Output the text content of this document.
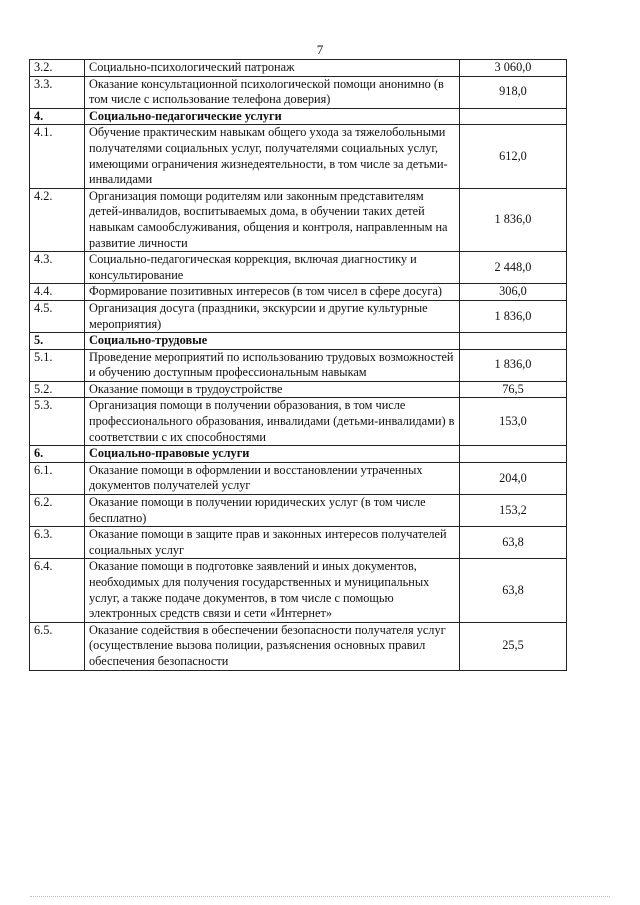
7
3.2.	Социально-психологический патронаж	3 060,0
3.3.	Оказание консультационной психологической помощи анонимно (в том числе с использование телефона доверия)	918,0
4.	Социально-педагогические услуги	
4.1.	Обучение практическим навыкам общего ухода за тяжелобольными получателями социальных услуг, получателями социальных услуг, имеющими ограничения жизнедеятельности, в том числе за детьми-инвалидами	612,0
4.2.	Организация помощи родителям или законным представителям детей-инвалидов, воспитываемых дома, в обучении таких детей навыкам самообслуживания, общения и контроля, направленным на развитие личности	1 836,0
4.3.	Социально-педагогическая коррекция, включая диагностику и консультирование	2 448,0
4.4.	Формирование позитивных интересов (в том чисел в сфере досуга)	306,0
4.5.	Организация досуга (праздники, экскурсии и другие культурные мероприятия)	1 836,0
5.	Социально-трудовые	
5.1.	Проведение мероприятий по использованию трудовых возможностей и обучению доступным профессиональным навыкам	1 836,0
5.2.	Оказание помощи в трудоустройстве	76,5
5.3.	Организация помощи в получении образования, в том числе профессионального образования, инвалидами (детьми-инвалидами) в соответствии с их способностями	153,0
6.	Социально-правовые услуги	
6.1.	Оказание помощи в оформлении и восстановлении утраченных документов получателей услуг	204,0
6.2.	Оказание помощи в получении юридических услуг (в том числе бесплатно)	153,2
6.3.	Оказание помощи в защите прав и законных интересов получателей социальных услуг	63,8
6.4.	Оказание помощи в подготовке заявлений и иных документов, необходимых для получения государственных и муниципальных услуг, а также подаче документов, в том числе с помощью электронных средств связи и сети «Интернет»	63,8
6.5.	Оказание содействия в обеспечении безопасности получателя услуг (осуществление вызова полиции, разъяснения основных правил обеспечения безопасности	25,5
